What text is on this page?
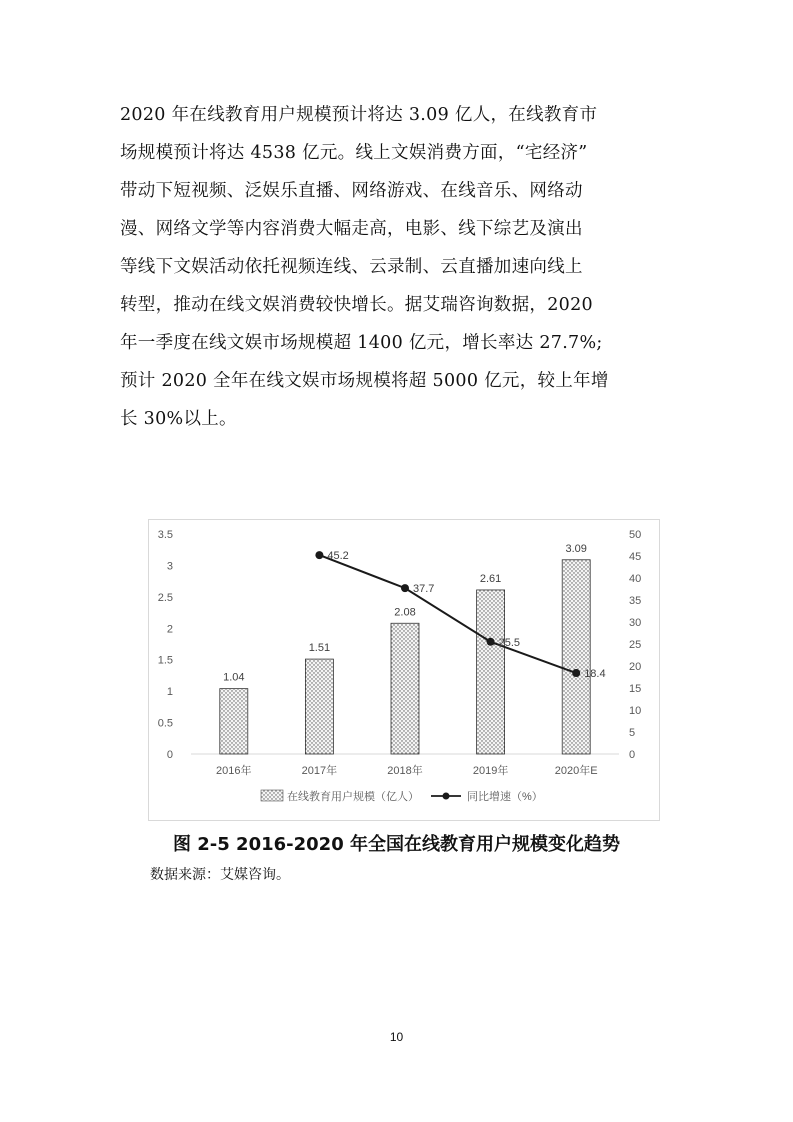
2020 年在线教育用户规模预计将达 3.09 亿人，在线教育市
场规模预计将达 4538 亿元。线上文娱消费方面，“宅经济”
带动下短视频、泛娱乐直播、网络游戏、在线音乐、网络动
漫、网络文学等内容消费大幅走高，电影、线下综艺及演出
等线下文娱活动依托视频连线、云录制、云直播加速向线上
转型，推动在线文娱消费较快增长。据艾瑞咨询数据，2020
年一季度在线文娱市场规模超 1400 亿元，增长率达 27.7%;
预计 2020 全年在线文娱市场规模将超 5000 亿元，较上年增
长 30%以上。
0
0.5
1
1.5
2
2.5
3
3.5
0
5
10
15
20
25
30
35
40
45
50
2016年	2017年	2018年	2019年	2020年E
1.04
1.51
2.08
2.61
3.09
45.2
37.7
25.5
18.4
在线教育用户规模（亿人）	同比增速（%）
图 2-5 2016-2020 年全国在线教育用户规模变化趋势
数据来源：艾媒咨询。
10
